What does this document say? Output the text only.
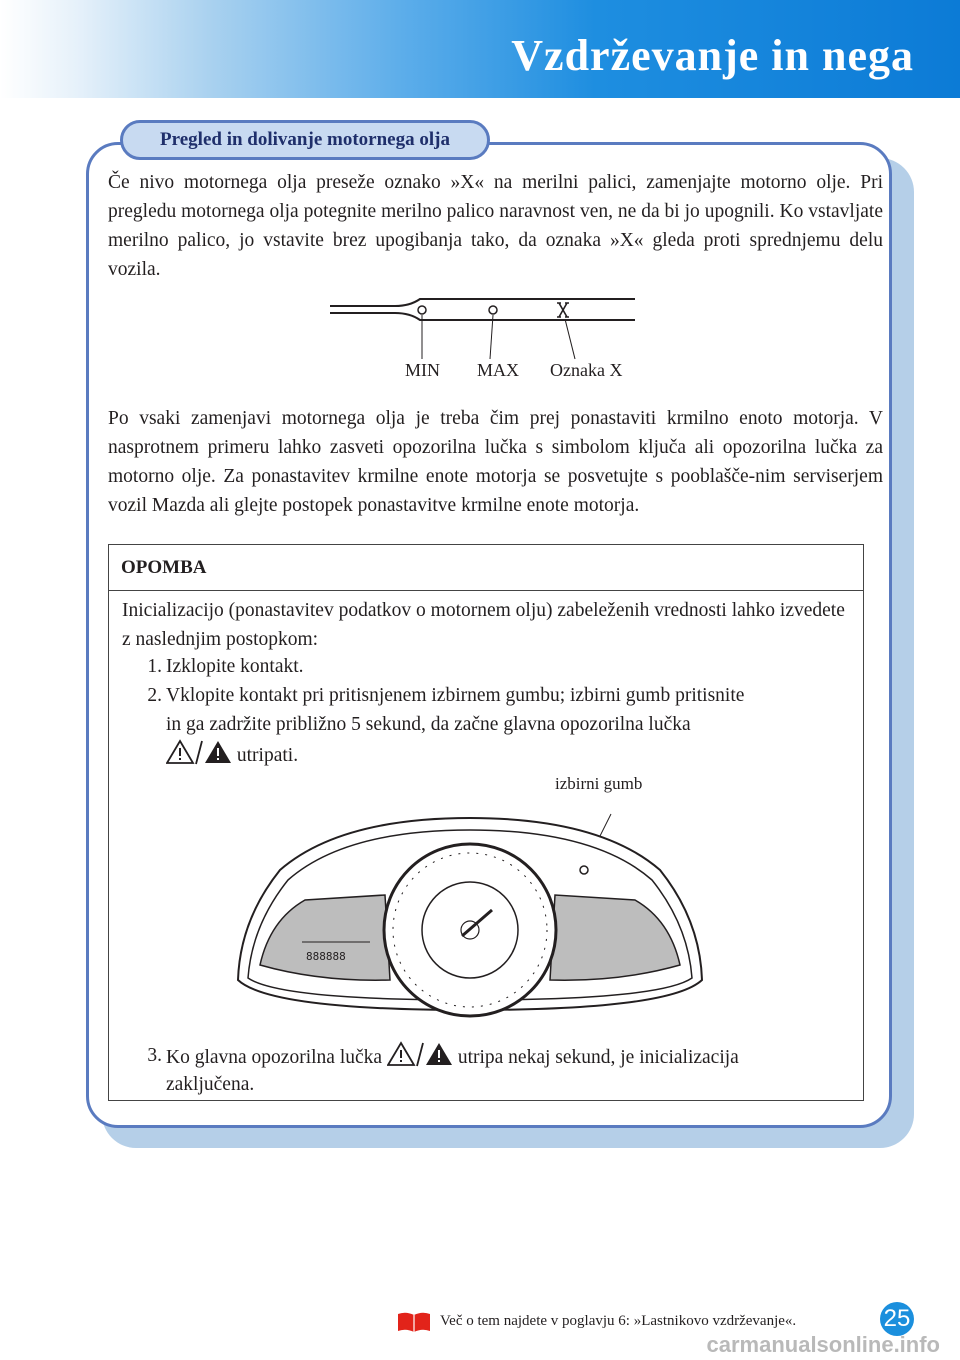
Vzdrževanje in nega
Pregled in dolivanje motornega olja

Če nivo motornega olja preseže oznako »X« na merilni palici, zamenjajte motorno olje. Pri pregledu motornega olja potegnite merilno palico naravnost ven, ne da bi jo upognili. Ko vstavljate merilno palico, jo vstavite brez upogibanja tako, da oznaka »X« gleda proti sprednjemu delu vozila.

MIN MAX Oznaka X

Po vsaki zamenjavi motornega olja je treba čim prej ponastaviti krmilno enoto motorja. V nasprotnem primeru lahko zasveti opozorilna lučka s simbolom ključa ali opozorilna lučka za motorno olje. Za ponastavitev krmilne enote motorja se posvetujte s pooblašče-nim serviserjem vozil Mazda ali glejte postopek ponastavitve krmilne enote motorja.

OPOMBA

Inicializacijo (ponastavitev podatkov o motornem olju) zabeleženih vrednosti lahko izvedete z naslednjim postopkom:

1. Izklopite kontakt.
2. Vklopite kontakt pri pritisnjenem izbirnem gumbu; izbirni gumb pritisnite
in ga zadržite približno 5 sekund, da začne glavna opozorilna lučka
utripati.
izbirni gumb
888888
3. Ko glavna opozorilna lučka	utripa nekaj sekund, je inicializacija
zaključena.
Več o tem najdete v poglavju 6: »Lastnikovo vzdrževanje«.	25
carmanualsonline.info
